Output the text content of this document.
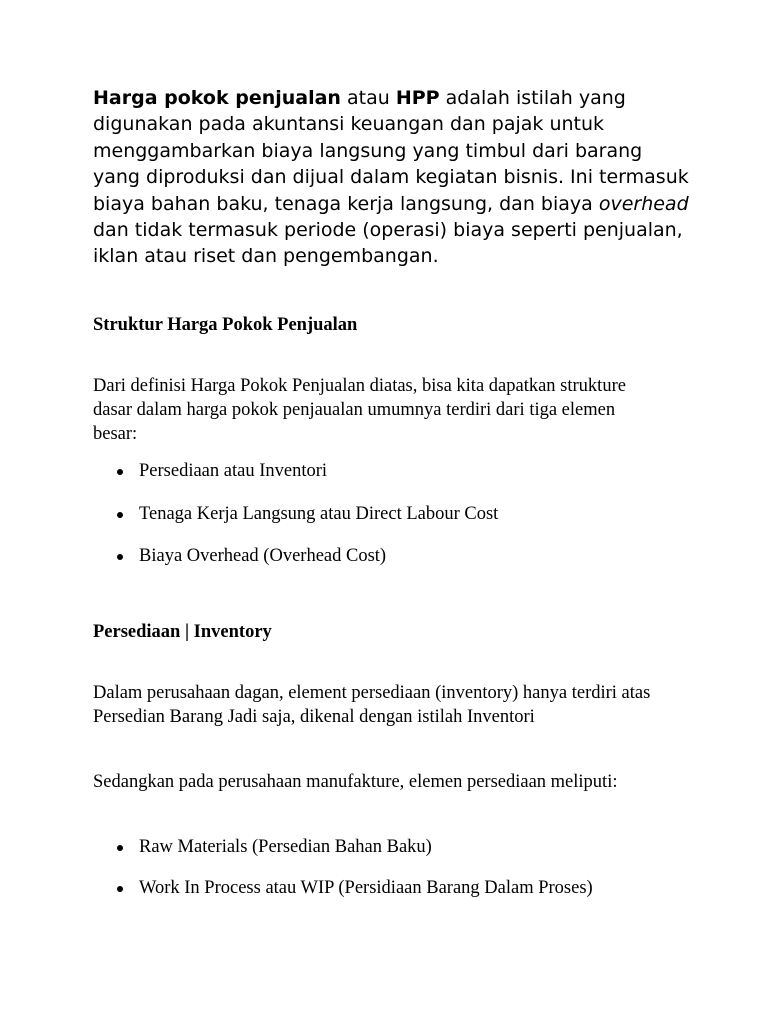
Harga pokok penjualan atau HPP adalah istilah yang digunakan pada akuntansi keuangan dan pajak untuk menggambarkan biaya langsung yang timbul dari barang yang diproduksi dan dijual dalam kegiatan bisnis. Ini termasuk biaya bahan baku, tenaga kerja langsung, dan biaya overhead dan tidak termasuk periode (operasi) biaya seperti penjualan, iklan atau riset dan pengembangan.

Struktur Harga Pokok Penjualan

Dari definisi Harga Pokok Penjualan diatas, bisa kita dapatkan strukture dasar dalam harga pokok penjaualan umumnya terdiri dari tiga elemen besar:

Persediaan atau Inventori
Tenaga Kerja Langsung atau Direct Labour Cost
Biaya Overhead (Overhead Cost)

Persediaan | Inventory

Dalam perusahaan dagan, element persediaan (inventory) hanya terdiri atas Persedian Barang Jadi saja, dikenal dengan istilah Inventori

Sedangkan pada perusahaan manufakture, elemen persediaan meliputi:

Raw Materials (Persedian Bahan Baku)
Work In Process atau WIP (Persidiaan Barang Dalam Proses)
